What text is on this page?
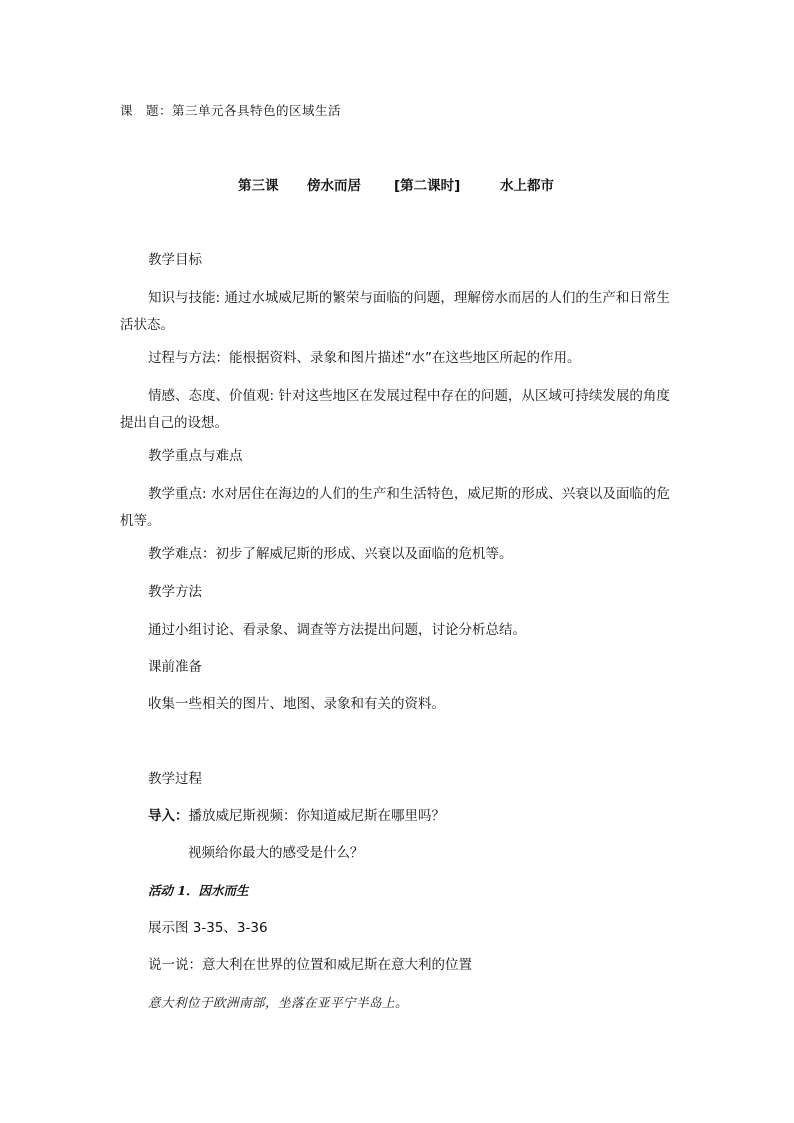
课　题：第三单元各具特色的区域生活
第三课 傍水而居 [第二课时]	水上都市
教学目标
知识与技能: 通过水城威尼斯的繁荣与面临的问题，理解傍水而居的人们的生产和日常生活状态。
过程与方法：能根据资料、录象和图片描述“水”在这些地区所起的作用。
情感、态度、价值观: 针对这些地区在发展过程中存在的问题，从区域可持续发展的角度提出自己的设想。
教学重点与难点
教学重点: 水对居住在海边的人们的生产和生活特色，威尼斯的形成、兴衰以及面临的危机等。
教学难点：初步了解威尼斯的形成、兴衰以及面临的危机等。
教学方法
通过小组讨论、看录象、调查等方法提出问题，讨论分析总结。
课前准备
收集一些相关的图片、地图、录象和有关的资料。
教学过程
导入：播放威尼斯视频：你知道威尼斯在哪里吗？
视频给你最大的感受是什么？
活动 1．因水而生
展示图 3-35、3-36
说一说：意大利在世界的位置和威尼斯在意大利的位置
意大利位于欧洲南部，坐落在亚平宁半岛上。
